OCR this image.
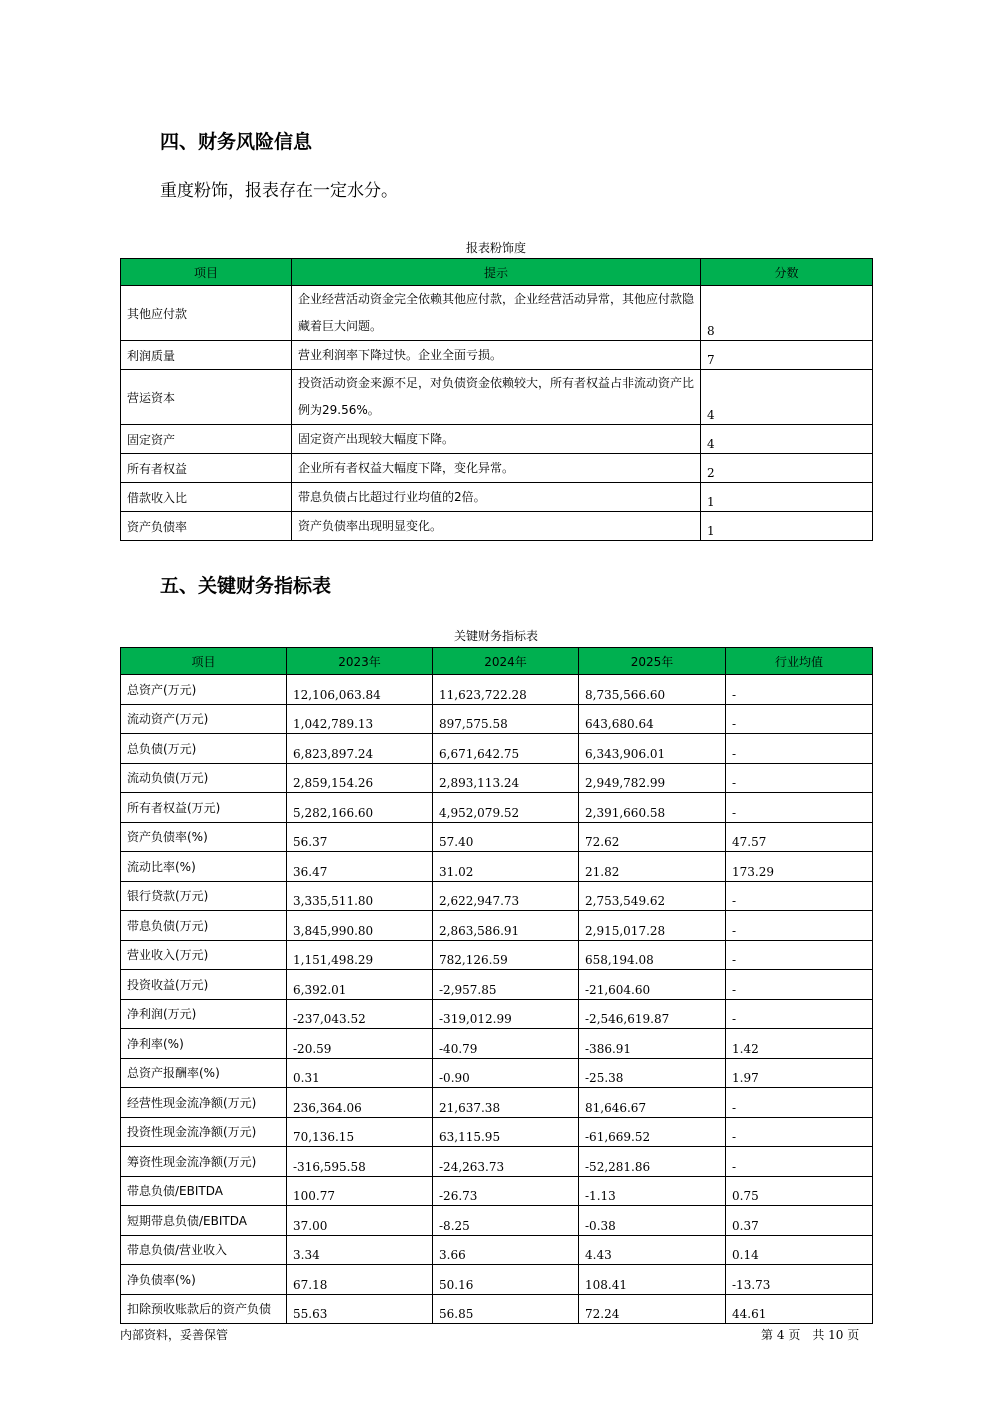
四、财务风险信息

重度粉饰，报表存在一定水分。

报表粉饰度
项目	提示	分数
其他应付款	企业经营活动资金完全依赖其他应付款，企业经营活动异常，其他应付款隐藏着巨大问题。	8
利润质量	营业利润率下降过快。企业全面亏损。	7
营运资本	投资活动资金来源不足，对负债资金依赖较大，所有者权益占非流动资产比例为29.56%。	4
固定资产	固定资产出现较大幅度下降。	4
所有者权益	企业所有者权益大幅度下降，变化异常。	2
借款收入比	带息负债占比超过行业均值的2倍。	1
资产负债率	资产负债率出现明显变化。	1
五、关键财务指标表
关键财务指标表
项目	2023年	2024年	2025年	行业均值
总资产(万元)	12,106,063.84	11,623,722.28	8,735,566.60	-
流动资产(万元)	1,042,789.13	897,575.58	643,680.64	-
总负债(万元)	6,823,897.24	6,671,642.75	6,343,906.01	-
流动负债(万元)	2,859,154.26	2,893,113.24	2,949,782.99	-
所有者权益(万元)	5,282,166.60	4,952,079.52	2,391,660.58	-
资产负债率(%)	56.37	57.40	72.62	47.57
流动比率(%)	36.47	31.02	21.82	173.29
银行贷款(万元)	3,335,511.80	2,622,947.73	2,753,549.62	-
带息负债(万元)	3,845,990.80	2,863,586.91	2,915,017.28	-
营业收入(万元)	1,151,498.29	782,126.59	658,194.08	-
投资收益(万元)	6,392.01	-2,957.85	-21,604.60	-
净利润(万元)	-237,043.52	-319,012.99	-2,546,619.87	-
净利率(%)	-20.59	-40.79	-386.91	1.42
总资产报酬率(%)	0.31	-0.90	-25.38	1.97
经营性现金流净额(万元)	236,364.06	21,637.38	81,646.67	-
投资性现金流净额(万元)	70,136.15	63,115.95	-61,669.52	-
筹资性现金流净额(万元)	-316,595.58	-24,263.73	-52,281.86	-
带息负债/EBITDA	100.77	-26.73	-1.13	0.75
短期带息负债/EBITDA	37.00	-8.25	-0.38	0.37
带息负债/营业收入	3.34	3.66	4.43	0.14
净负债率(%)	67.18	50.16	108.41	-13.73
扣除预收账款后的资产负债	55.63	56.85	72.24	44.61
内部资料，妥善保管	第 4 页　共 10 页
